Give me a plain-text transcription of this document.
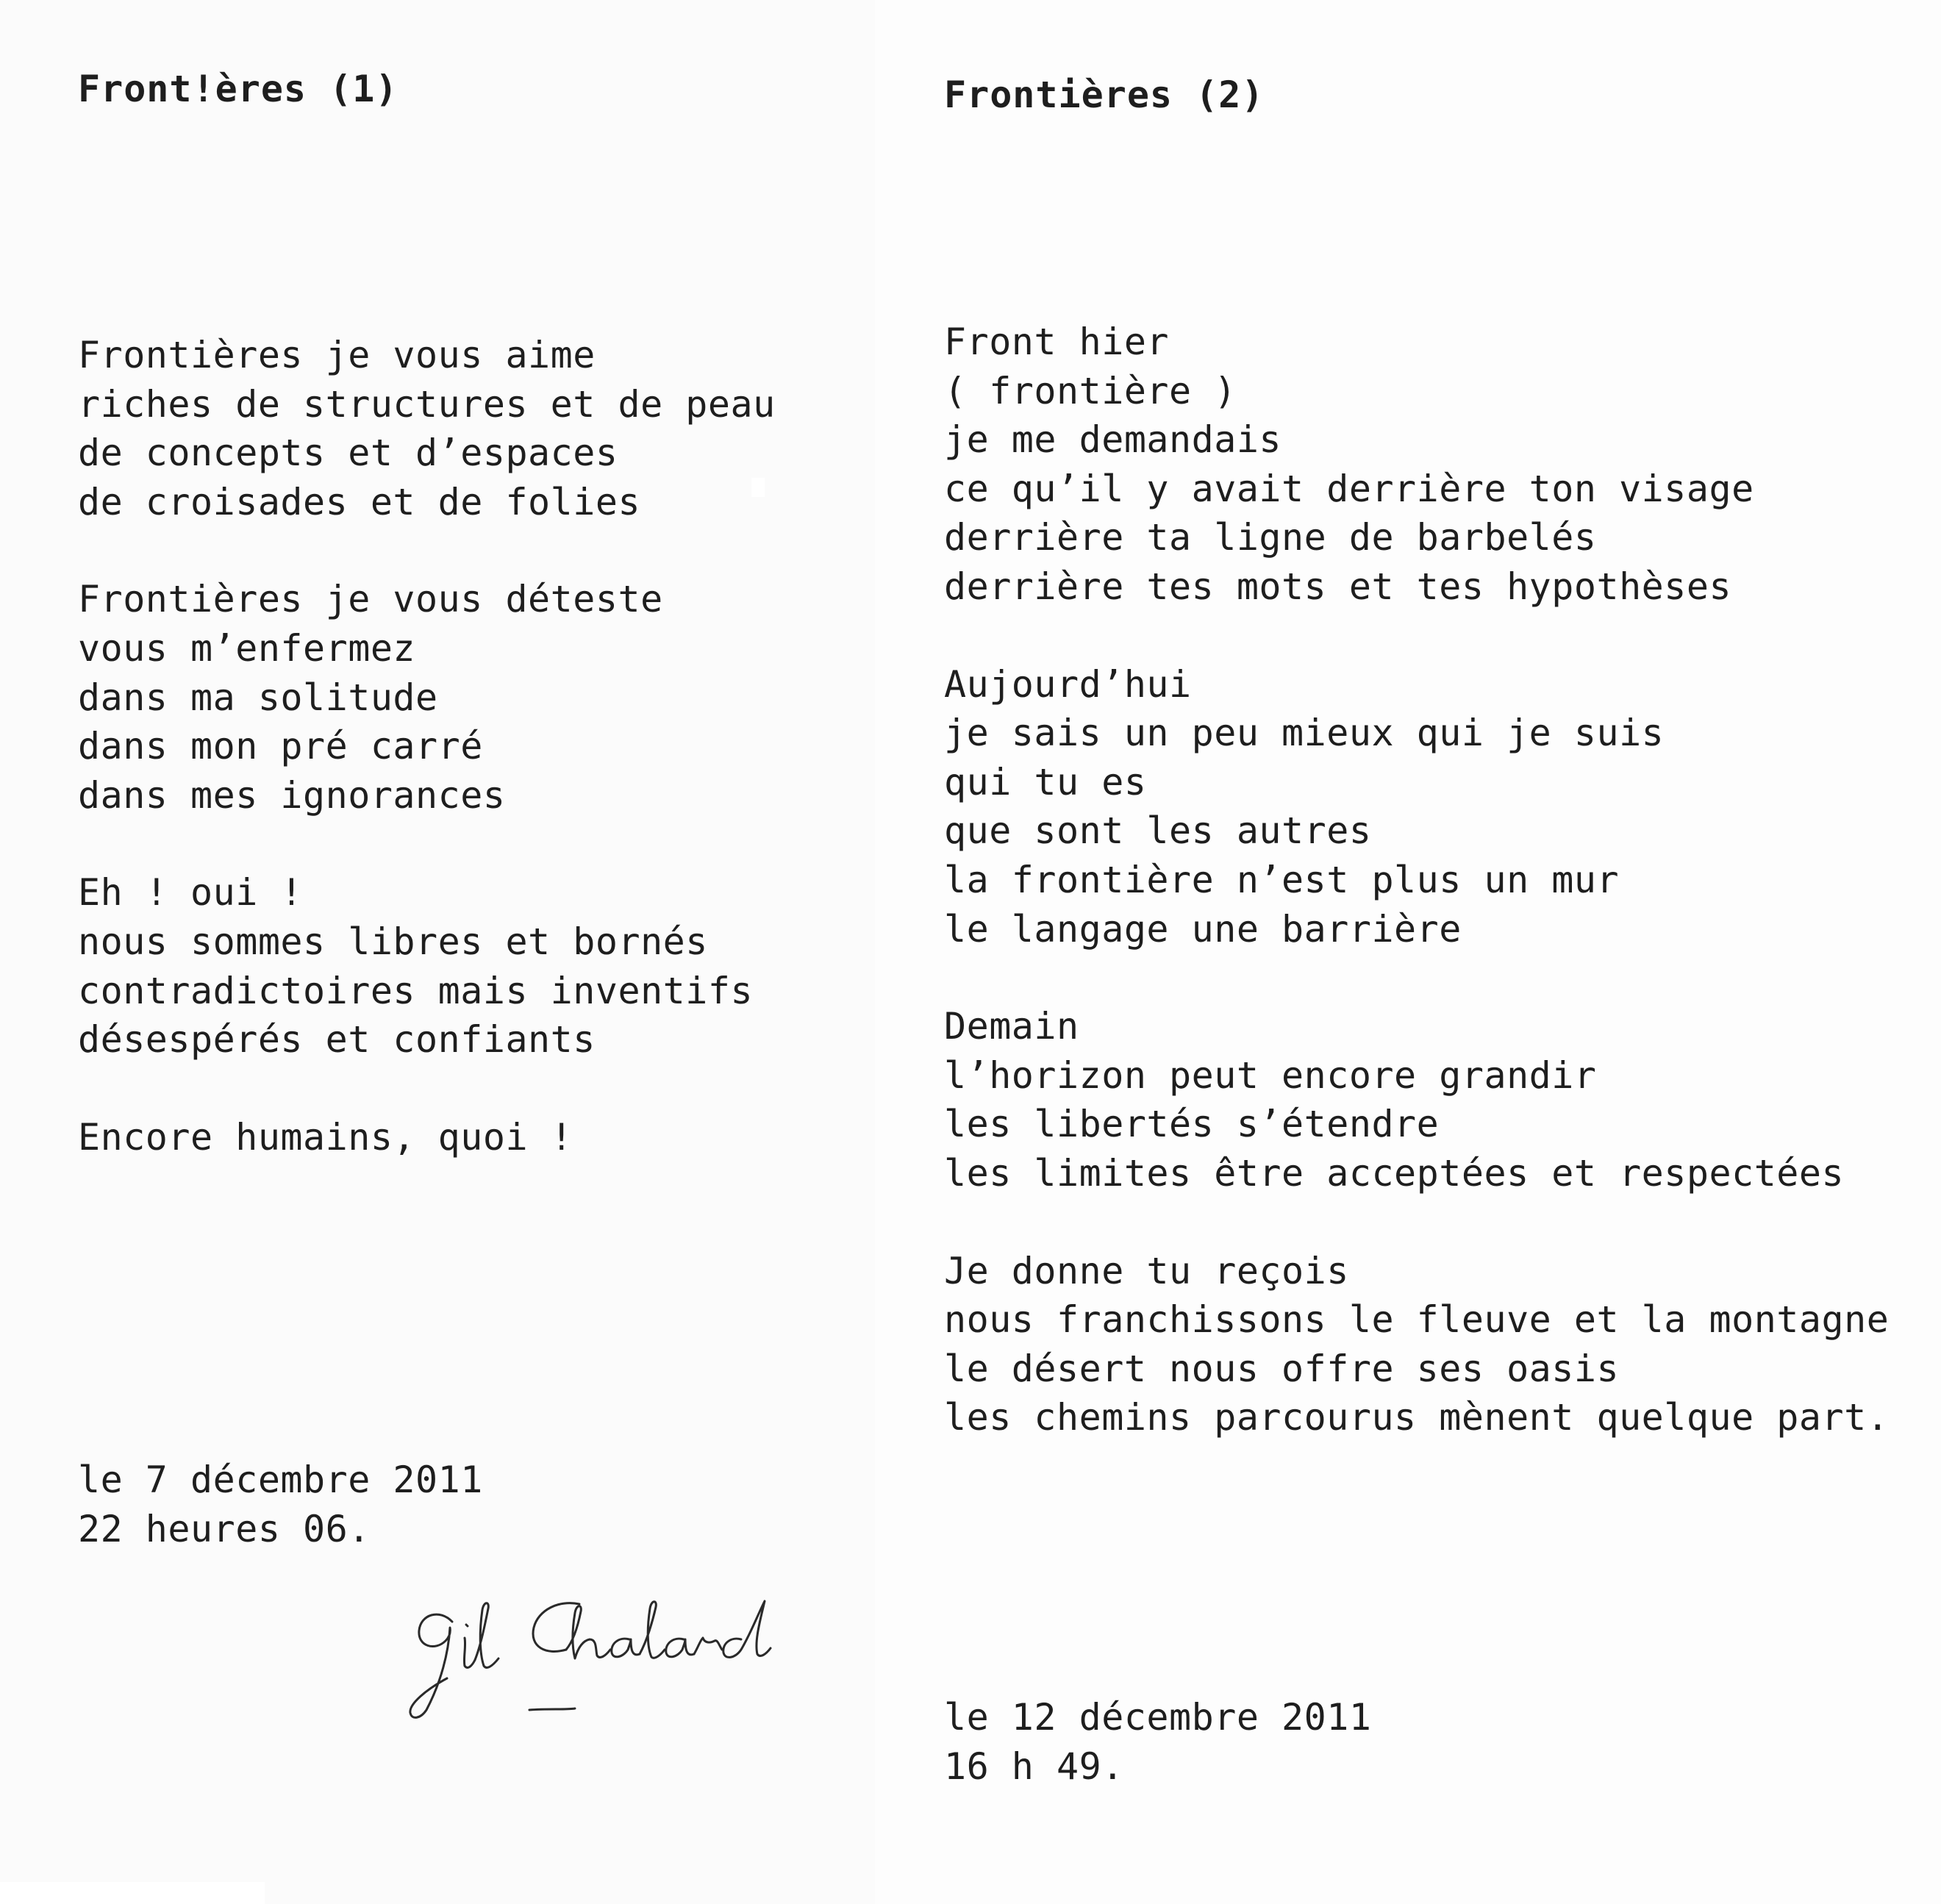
Front!ères (1)
Frontières je vous aime
riches de structures et de peau
de concepts et d’espaces
de croisades et de folies
Frontières je vous déteste
vous m’enfermez
dans ma solitude
dans mon pré carré
dans mes ignorances
Eh ! oui !
nous sommes libres et bornés
contradictoires mais inventifs
désespérés et confiants
Encore humains, quoi !
le 7 décembre 2011
22 heures 06.
Frontières (2)
Front hier
( frontière )
je me demandais
ce qu’il y avait derrière ton visage
derrière ta ligne de barbelés
derrière tes mots et tes hypothèses
Aujourd’hui
je sais un peu mieux qui je suis
qui tu es
que sont les autres
la frontière n’est plus un mur
le langage une barrière
Demain
l’horizon peut encore grandir
les libertés s’étendre
les limites être acceptées et respectées
Je donne tu reçois
nous franchissons le fleuve et la montagne
le désert nous offre ses oasis
les chemins parcourus mènent quelque part.
le 12 décembre 2011
16 h 49.
